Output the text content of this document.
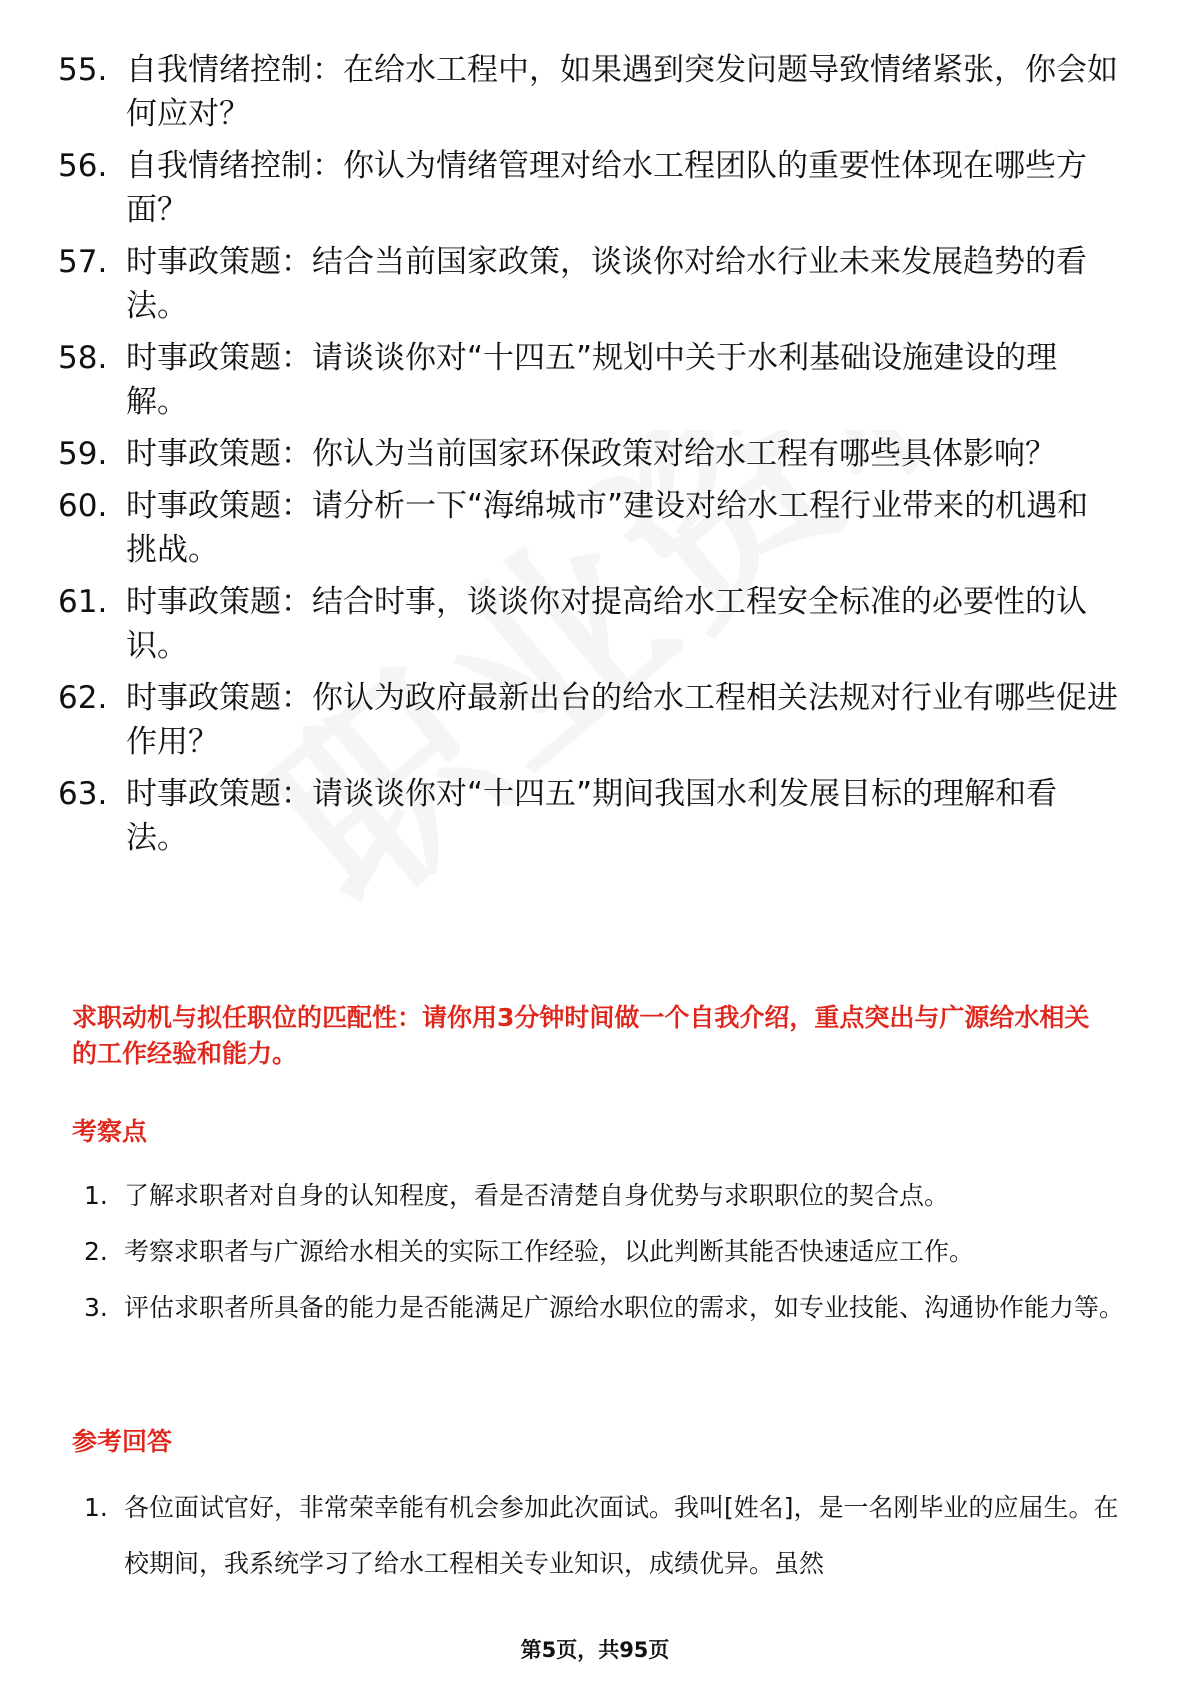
55. 自我情绪控制：在给水工程中，如果遇到突发问题导致情绪紧张，你会如何应对？
56. 自我情绪控制：你认为情绪管理对给水工程团队的重要性体现在哪些方面？
57. 时事政策题：结合当前国家政策，谈谈你对给水行业未来发展趋势的看法。
58. 时事政策题：请谈谈你对“十四五”规划中关于水利基础设施建设的理解。
59. 时事政策题：你认为当前国家环保政策对给水工程有哪些具体影响？
60. 时事政策题：请分析一下“海绵城市”建设对给水工程行业带来的机遇和挑战。
61. 时事政策题：结合时事，谈谈你对提高给水工程安全标准的必要性的认识。
62. 时事政策题：你认为政府最新出台的给水工程相关法规对行业有哪些促进作用？
63. 时事政策题：请谈谈你对“十四五”期间我国水利发展目标的理解和看法。
求职动机与拟任职位的匹配性：请你用3分钟时间做一个自我介绍，重点突出与广源给水相关的工作经验和能力。
考察点
1. 了解求职者对自身的认知程度，看是否清楚自身优势与求职职位的契合点。
2. 考察求职者与广源给水相关的实际工作经验，以此判断其能否快速适应工作。
3. 评估求职者所具备的能力是否能满足广源给水职位的需求，如专业技能、沟通协作能力等。
参考回答
1. 各位面试官好，非常荣幸能有机会参加此次面试。我叫[姓名]，是一名刚毕业的应届生。在校期间，我系统学习了给水工程相关专业知识，成绩优异。虽然
第5页，共95页
